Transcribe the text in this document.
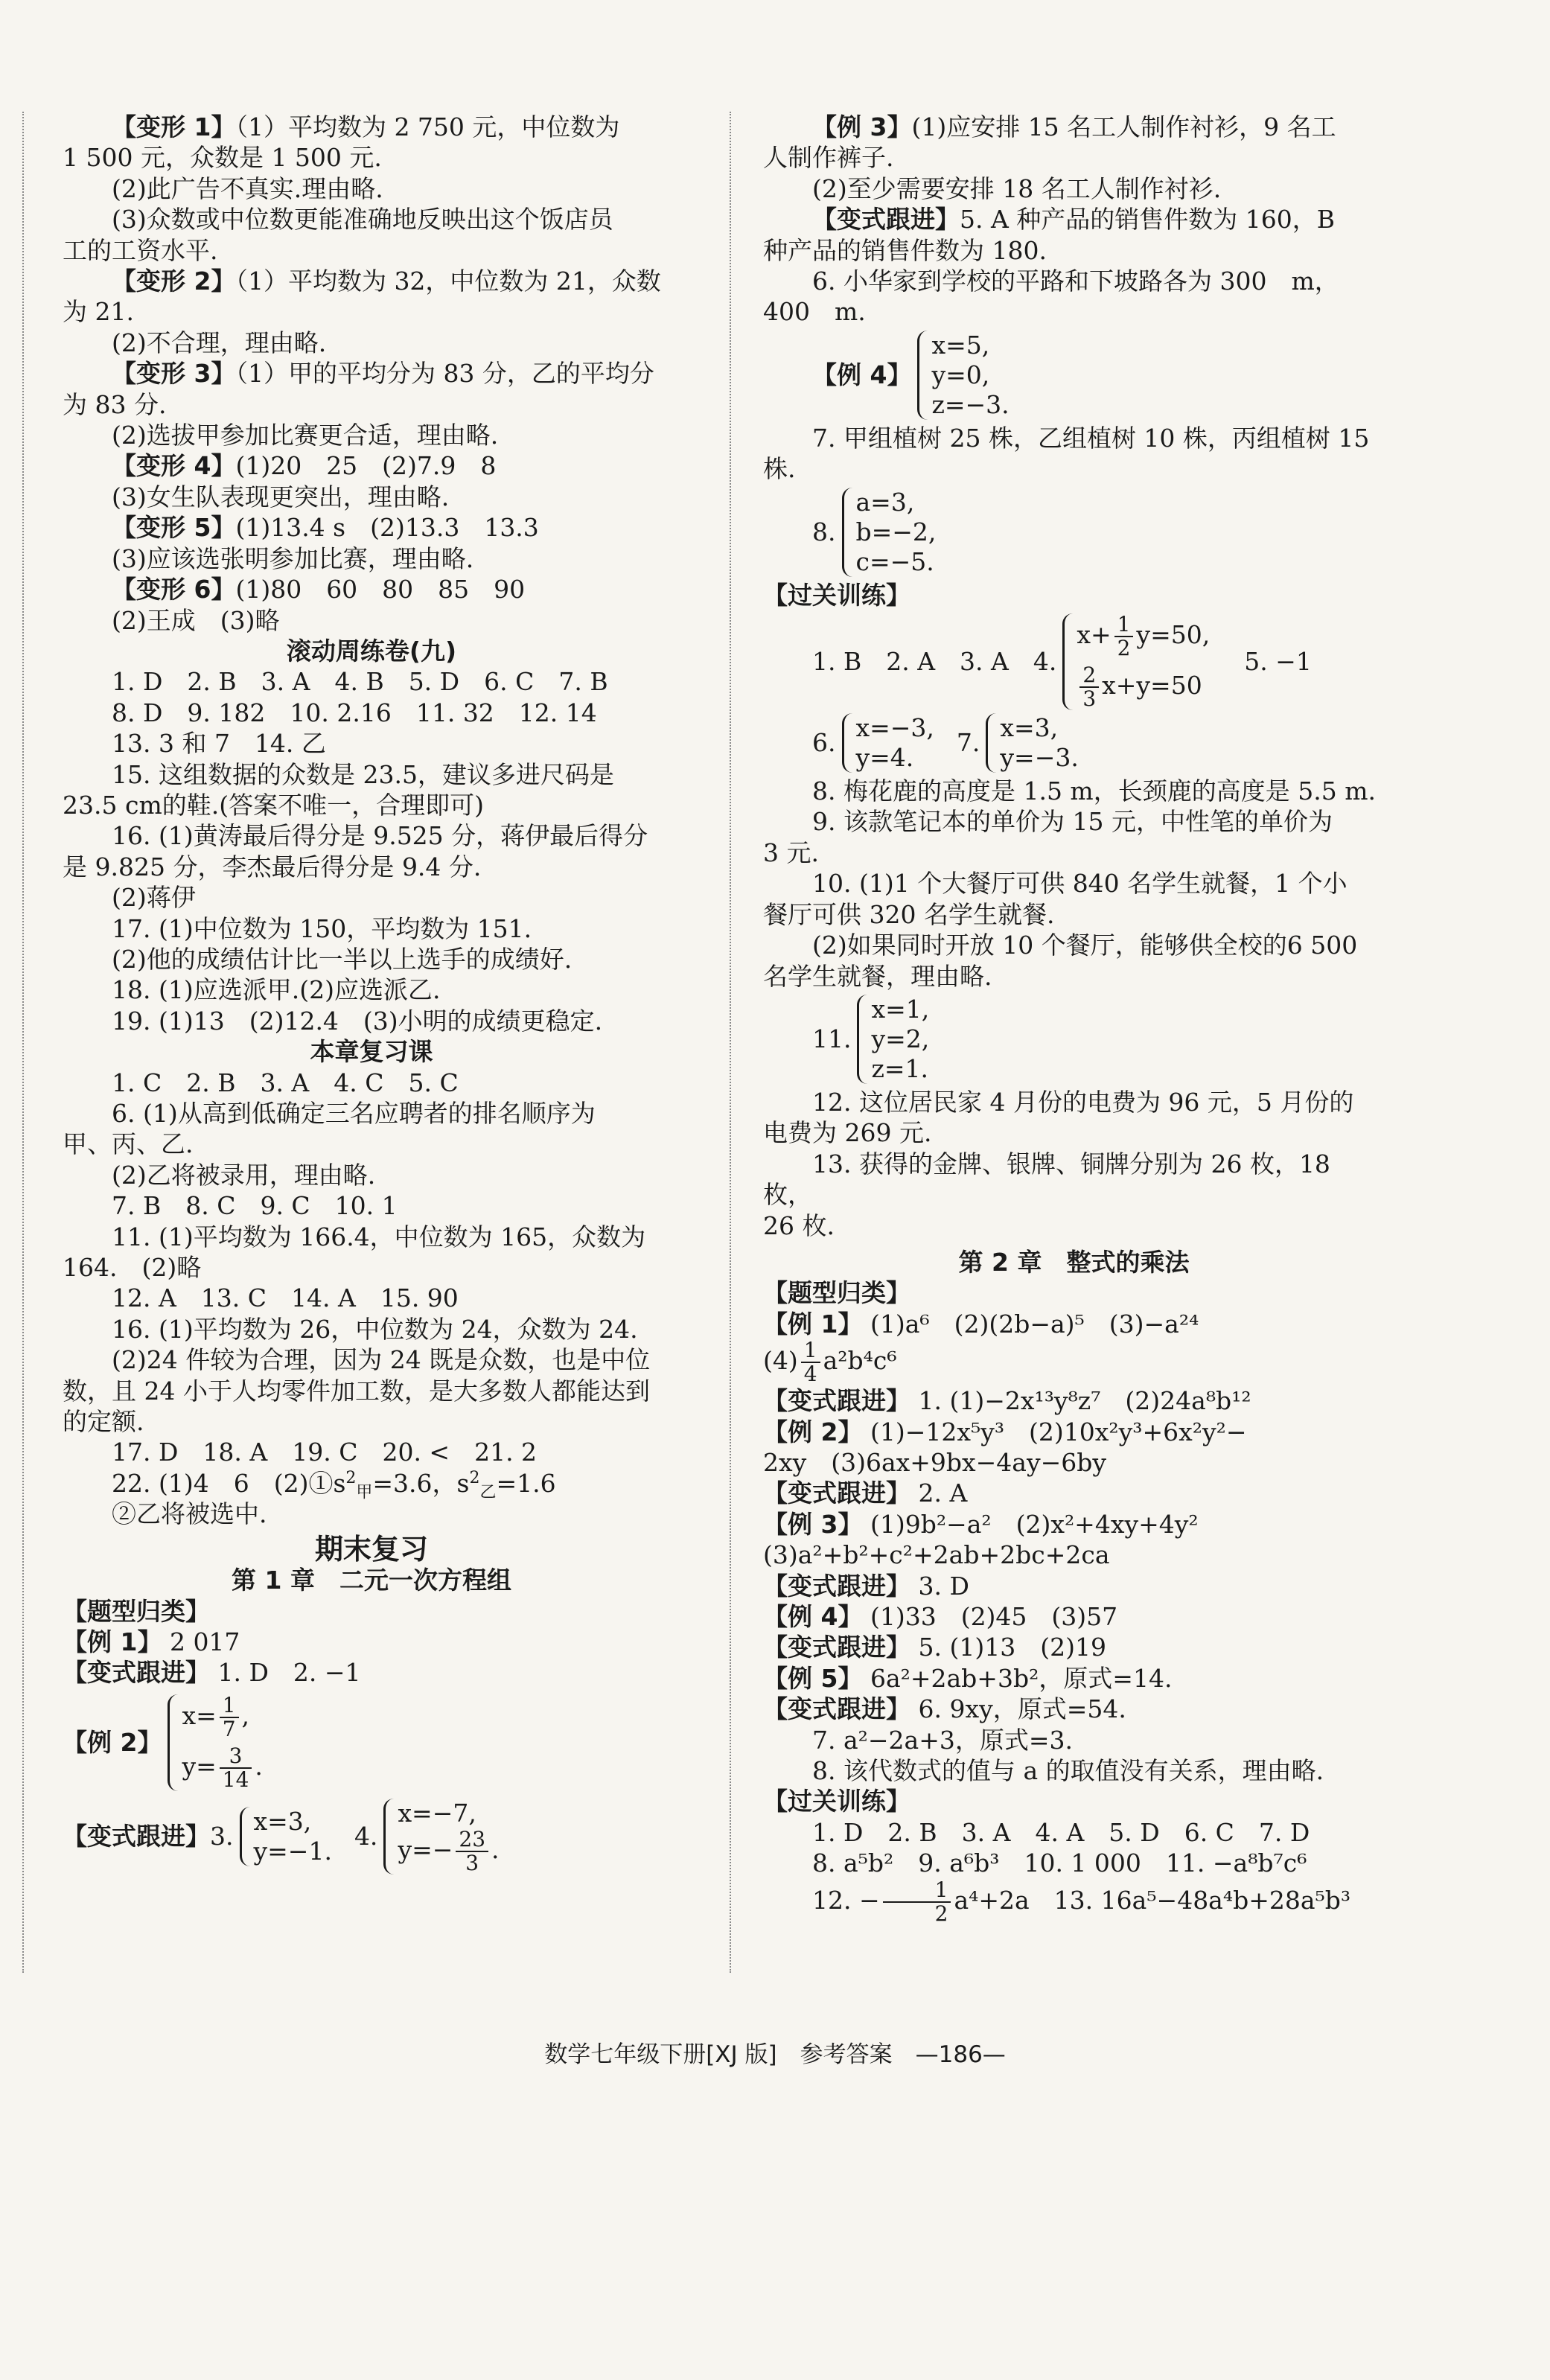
【变形 1】（1）平均数为 2 750 元，中位数为

1 500 元，众数是 1 500 元.

(2)此广告不真实.理由略.

(3)众数或中位数更能准确地反映出这个饭店员

工的工资水平.

【变形 2】（1）平均数为 32，中位数为 21，众数

为 21.

(2)不合理，理由略.

【变形 3】（1）甲的平均分为 83 分，乙的平均分

为 83 分.

(2)选拔甲参加比赛更合适，理由略.

【变形 4】(1)20　25　(2)7.9　8

(3)女生队表现更突出，理由略.

【变形 5】(1)13.4 s　(2)13.3　13.3

(3)应该选张明参加比赛，理由略.

【变形 6】(1)80　60　80　85　90

(2)王成　(3)略

滚动周练卷(九)

1. D　2. B　3. A　4. B　5. D　6. C　7. B

8. D　9. 182　10. 2.16　11. 32　12. 14

13. 3 和 7　14. 乙

15. 这组数据的众数是 23.5，建议多进尺码是

23.5 cm的鞋.(答案不唯一，合理即可)

16. (1)黄涛最后得分是 9.525 分，蒋伊最后得分

是 9.825 分，李杰最后得分是 9.4 分.

(2)蒋伊

17. (1)中位数为 150，平均数为 151.

(2)他的成绩估计比一半以上选手的成绩好.

18. (1)应选派甲.(2)应选派乙.

19. (1)13　(2)12.4　(3)小明的成绩更稳定.

本章复习课

1. C　2. B　3. A　4. C　5. C

6. (1)从高到低确定三名应聘者的排名顺序为

甲、丙、乙.

(2)乙将被录用，理由略.

7. B　8. C　9. C　10. 1

11. (1)平均数为 166.4，中位数为 165，众数为

164.　(2)略

12. A　13. C　14. A　15. 90

16. (1)平均数为 26，中位数为 24，众数为 24.

(2)24 件较为合理，因为 24 既是众数，也是中位

数，且 24 小于人均零件加工数，是大多数人都能达到

的定额.

17. D　18. A　19. C　20. <　21. 2

22. (1)4　6　$(2)①s^2_甲=3.6$，$s^2_乙=1.6$

②乙将被选中.

期末复习

第 1 章　二元一次方程组

【题型归类】

【例 1】 2 017

【变式跟进】 1. D　2. −1

【例 2】
$x= \frac{1}{7}$ ,
$y= \frac{3}{14}$ .
【变式跟进】 3.
x=3,
y=−1.
4.
x=−7,
$y=- \frac{23}{3}$ .

【例 3】(1)应安排 15 名工人制作衬衫，9 名工

人制作裤子.

(2)至少需要安排 18 名工人制作衬衫.

【变式跟进】5. A 种产品的销售件数为 160，B

种产品的销售件数为 180.

6. 小华家到学校的平路和下坡路各为 300　m，

400　m.

【例 4】
x=5,
y=0,
z=−3.

7. 甲组植树 25 株，乙组植树 10 株，丙组植树 15 株.

8.
a=3,
b=−2,
c=−5.

【过关训练】

1. B　2. A　3. A　4.
$x+ \frac{1}{2} y=50$,
$\frac{2}{3} x+y=50$
5. −1
6.
x=−3,
y=4.
7.
x=3,
y=−3.

8. 梅花鹿的高度是 1.5 m，长颈鹿的高度是 5.5 m.

9. 该款笔记本的单价为 15 元，中性笔的单价为

3 元.

10. (1)1 个大餐厅可供 840 名学生就餐，1 个小

餐厅可供 320 名学生就餐.

(2)如果同时开放 10 个餐厅，能够供全校的6 500

名学生就餐，理由略.

11.
x=1,
y=2,
z=1.

12. 这位居民家 4 月份的电费为 96 元，5 月份的

电费为 269 元.

13. 获得的金牌、银牌、铜牌分别为 26 枚，18 枚，

26 枚.

第 2 章　整式的乘法

【题型归类】

【例 1】 (1)a⁶　(2)(2b−a)⁵　(3)−a²⁴

$(4) \frac{1}{4} a^2b^4c^6$

【变式跟进】 1. (1)−2x¹³y⁸z⁷　(2)24a⁸b¹²

【例 2】 (1)−12x⁵y³　(2)10x²y³+6x²y²−

2xy　(3)6ax+9bx−4ay−6by

【变式跟进】 2. A

【例 3】 (1)9b²−a²　(2)x²+4xy+4y²

(3)a²+b²+c²+2ab+2bc+2ca

【变式跟进】 3. D

【例 4】 (1)33　(2)45　(3)57

【变式跟进】 5. (1)13　(2)19

【例 5】 6a²+2ab+3b²，原式=14.

【变式跟进】 6. 9xy，原式=54.

7. a²−2a+3，原式=3.

8. 该代数式的值与 a 的取值没有关系，理由略.

【过关训练】

1. D　2. B　3. A　4. A　5. D　6. C　7. D

8. a⁵b²　9. a⁶b³　10. 1 000　11. −a⁸b⁷c⁶

12. − $\frac{1}{2} a^4+2a$　13. 16a⁵−48a⁴b+28a⁵b³

数学七年级下册[XJ 版]　参考答案　—186—
